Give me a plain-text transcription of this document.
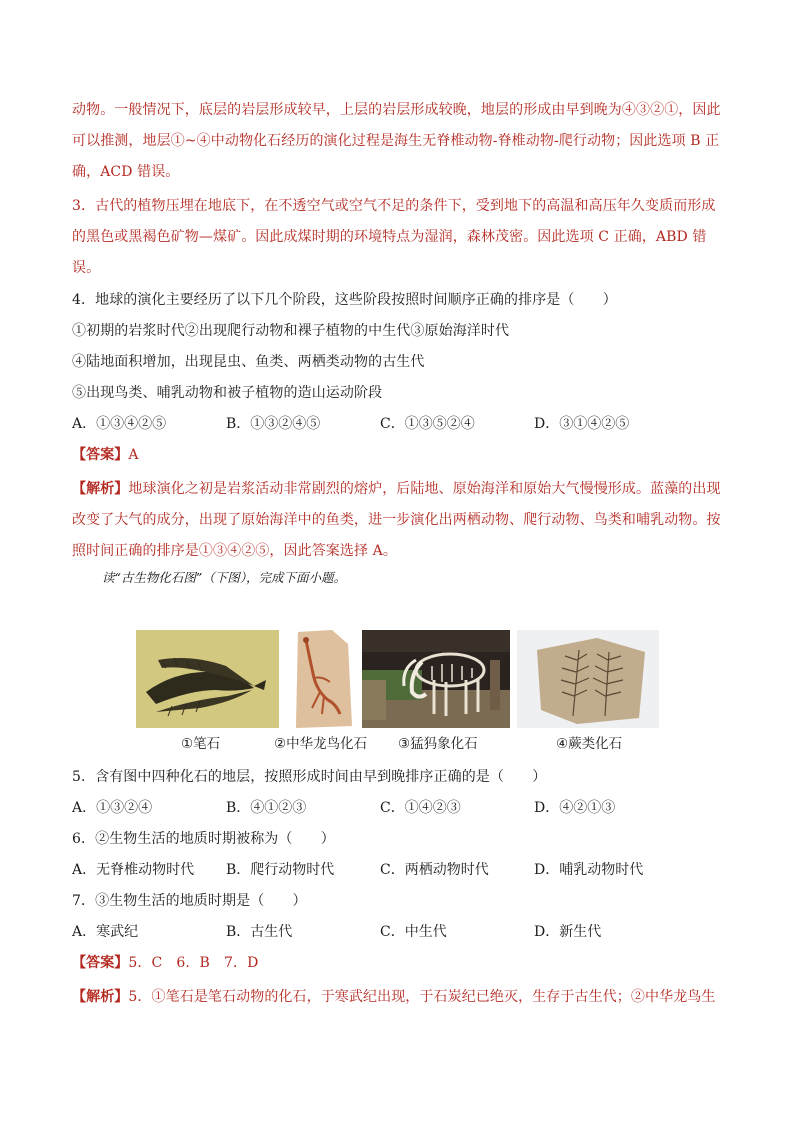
动物。一般情况下，底层的岩层形成较早，上层的岩层形成较晚，地层的形成由早到晚为④③②①，因此
可以推测，地层①~④中动物化石经历的演化过程是海生无脊椎动物-脊椎动物-爬行动物；因此选项 B 正
确，ACD 错误。
3．古代的植物压埋在地底下，在不透空气或空气不足的条件下，受到地下的高温和高压年久变质而形成
的黑色或黑褐色矿物—煤矿。因此成煤时期的环境特点为湿润，森林茂密。因此选项 C 正确，ABD 错
误。
4．地球的演化主要经历了以下几个阶段，这些阶段按照时间顺序正确的排序是（　　）
①初期的岩浆时代②出现爬行动物和裸子植物的中生代③原始海洋时代
④陆地面积增加，出现昆虫、鱼类、两栖类动物的古生代
⑤出现鸟类、哺乳动物和被子植物的造山运动阶段
A．①③④②⑤	B．①③②④⑤	C．①③⑤②④	D．③①④②⑤
【答案】A
【解析】地球演化之初是岩浆活动非常剧烈的熔炉，后陆地、原始海洋和原始大气慢慢形成。蓝藻的出现
改变了大气的成分，出现了原始海洋中的鱼类，进一步演化出两栖动物、爬行动物、鸟类和哺乳动物。按
照时间正确的排序是①③④②⑤，因此答案选择 A。
读“古生物化石图”（下图），完成下面小题。
①笔石	②中华龙鸟化石 ③猛犸象化石	④蕨类化石
5．含有图中四种化石的地层，按照形成时间由早到晚排序正确的是（　　）
A．①③②④	B．④①②③	C．①④②③	D．④②①③
6．②生物生活的地质时期被称为（　　）
A．无脊椎动物时代 B．爬行动物时代	C．两栖动物时代	D．哺乳动物时代
7．③生物生活的地质时期是（　　）
A．寒武纪	B．古生代	C．中生代	D．新生代
【答案】5．C　6．B　7．D
【解析】5．①笔石是笔石动物的化石，于寒武纪出现，于石炭纪已绝灭，生存于古生代；②中华龙鸟生
